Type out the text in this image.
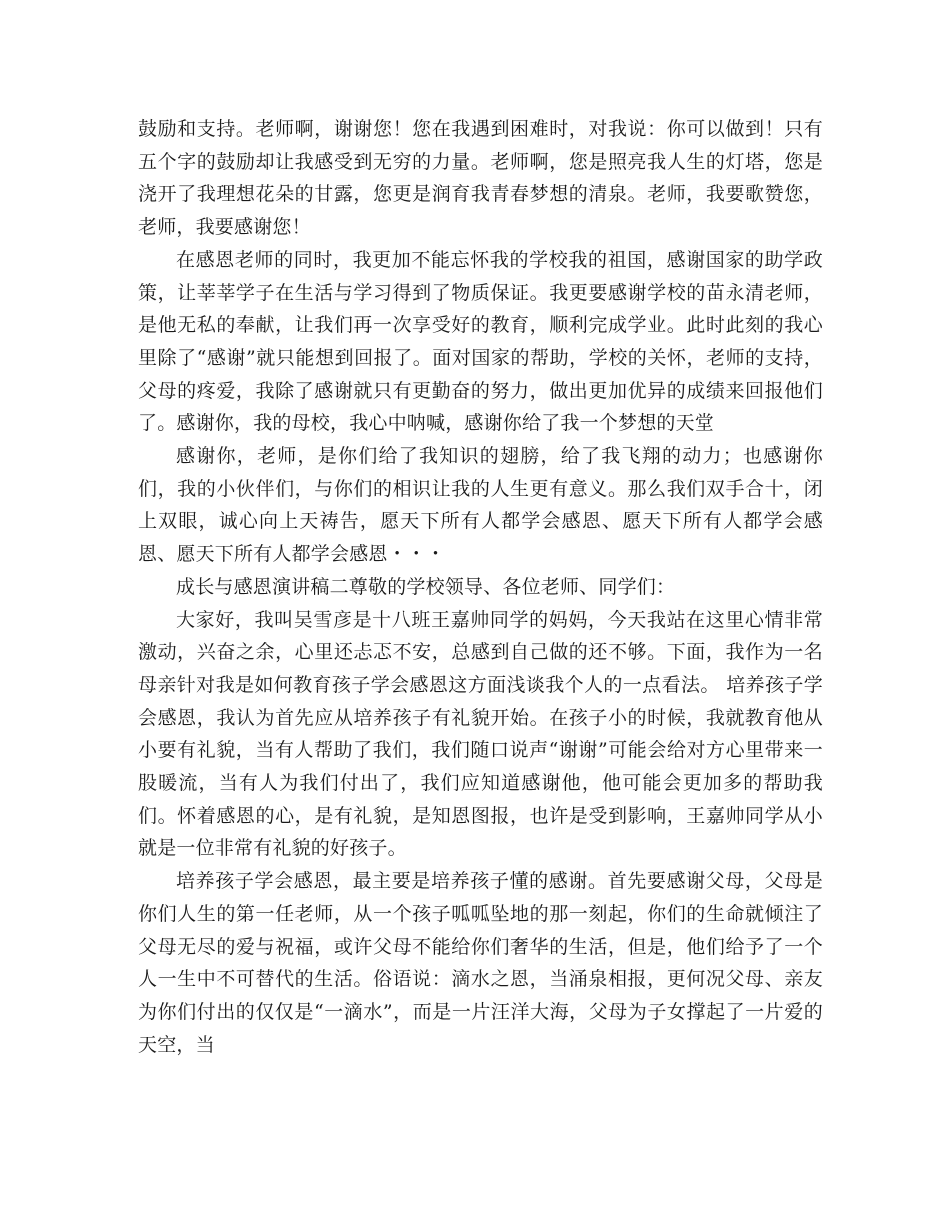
鼓励和支持。老师啊，谢谢您！您在我遇到困难时，对我说：你可以做到！只有五个字的鼓励却让我感受到无穷的力量。老师啊，您是照亮我人生的灯塔，您是浇开了我理想花朵的甘露，您更是润育我青春梦想的清泉。老师，我要歌赞您，老师，我要感谢您！

在感恩老师的同时，我更加不能忘怀我的学校我的祖国，感谢国家的助学政策，让莘莘学子在生活与学习得到了物质保证。我更要感谢学校的苗永清老师，是他无私的奉献，让我们再一次享受好的教育，顺利完成学业。此时此刻的我心里除了“感谢”就只能想到回报了。面对国家的帮助，学校的关怀，老师的支持，父母的疼爱，我除了感谢就只有更勤奋的努力，做出更加优异的成绩来回报他们了。感谢你，我的母校，我心中呐喊，感谢你给了我一个梦想的天堂

感谢你，老师，是你们给了我知识的翅膀，给了我飞翔的动力；也感谢你们，我的小伙伴们，与你们的相识让我的人生更有意义。那么我们双手合十，闭上双眼，诚心向上天祷告，愿天下所有人都学会感恩、愿天下所有人都学会感恩、愿天下所有人都学会感恩・・・

成长与感恩演讲稿二尊敬的学校领导、各位老师、同学们：

大家好，我叫吴雪彦是十八班王嘉帅同学的妈妈，今天我站在这里心情非常激动，兴奋之余，心里还忐忑不安，总感到自己做的还不够。下面，我作为一名母亲针对我是如何教育孩子学会感恩这方面浅谈我个人的一点看法。 培养孩子学会感恩，我认为首先应从培养孩子有礼貌开始。在孩子小的时候，我就教育他从小要有礼貌，当有人帮助了我们，我们随口说声“谢谢”可能会给对方心里带来一股暖流，当有人为我们付出了，我们应知道感谢他，他可能会更加多的帮助我们。怀着感恩的心，是有礼貌，是知恩图报，也许是受到影响，王嘉帅同学从小就是一位非常有礼貌的好孩子。

培养孩子学会感恩，最主要是培养孩子懂的感谢。首先要感谢父母，父母是你们人生的第一任老师，从一个孩子呱呱坠地的那一刻起，你们的生命就倾注了父母无尽的爱与祝福，或许父母不能给你们奢华的生活，但是，他们给予了一个人一生中不可替代的生活。俗语说：滴水之恩，当涌泉相报，更何况父母、亲友为你们付出的仅仅是“一滴水”，而是一片汪洋大海，父母为子女撑起了一片爱的天空，当
